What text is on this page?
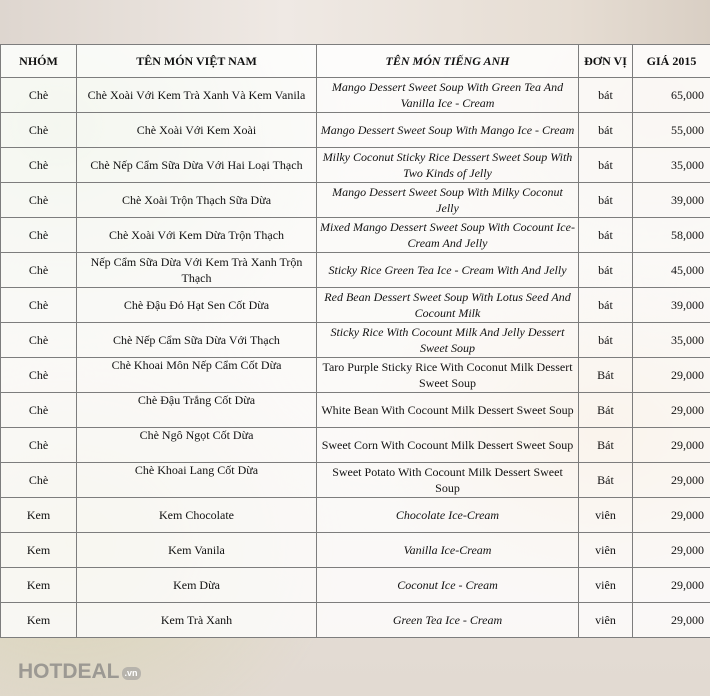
NHÓM	TÊN MÓN VIỆT NAM	TÊN MÓN TIẾNG ANH	ĐƠN VỊ	GIÁ 2015
Chè	Chè Xoài Với Kem Trà Xanh Và Kem Vanila	Mango Dessert Sweet Soup With Green Tea And Vanilla Ice - Cream	bát	65,000
Chè	Chè Xoài Với Kem Xoài	Mango Dessert Sweet Soup With Mango Ice - Cream	bát	55,000
Chè	Chè Nếp Cẩm Sữa Dừa Với Hai Loại Thạch	Milky Coconut Sticky Rice Dessert Sweet Soup With Two Kinds of Jelly	bát	35,000
Chè	Chè Xoài Trộn Thạch Sữa Dừa	Mango Dessert Sweet Soup With Milky Coconut Jelly	bát	39,000
Chè	Chè Xoài Với Kem Dừa Trộn Thạch	Mixed Mango Dessert Sweet Soup With Cocount Ice- Cream And Jelly	bát	58,000
Chè	Nếp Cẩm Sữa Dừa Với Kem Trà Xanh Trộn Thạch	Sticky Rice Green Tea Ice - Cream With And Jelly	bát	45,000
Chè	Chè Đậu Đỏ Hạt Sen Cốt Dừa	Red Bean Dessert Sweet Soup With Lotus Seed And Cocount Milk	bát	39,000
Chè	Chè Nếp Cẩm Sữa Dừa Với Thạch	Sticky Rice With Cocount Milk And Jelly Dessert Sweet Soup	bát	35,000
Chè	Chè Khoai Môn Nếp Cẩm Cốt Dừa	Taro Purple Sticky Rice With Coconut Milk Dessert Sweet Soup	Bát	29,000
Chè	Chè Đậu Trắng Cốt Dừa	White Bean With Cocount Milk Dessert Sweet Soup	Bát	29,000
Chè	Chè Ngô Ngọt Cốt Dừa	Sweet Corn With Cocount Milk Dessert Sweet Soup	Bát	29,000
Chè	Chè Khoai Lang Cốt Dừa	Sweet Potato With Cocount Milk Dessert Sweet Soup	Bát	29,000
Kem	Kem Chocolate	Chocolate Ice-Cream	viên	29,000
Kem	Kem Vanila	Vanilla Ice-Cream	viên	29,000
Kem	Kem Dừa	Coconut Ice - Cream	viên	29,000
Kem	Kem Trà Xanh	Green Tea Ice - Cream	viên	29,000
HOTDEAL .vn
